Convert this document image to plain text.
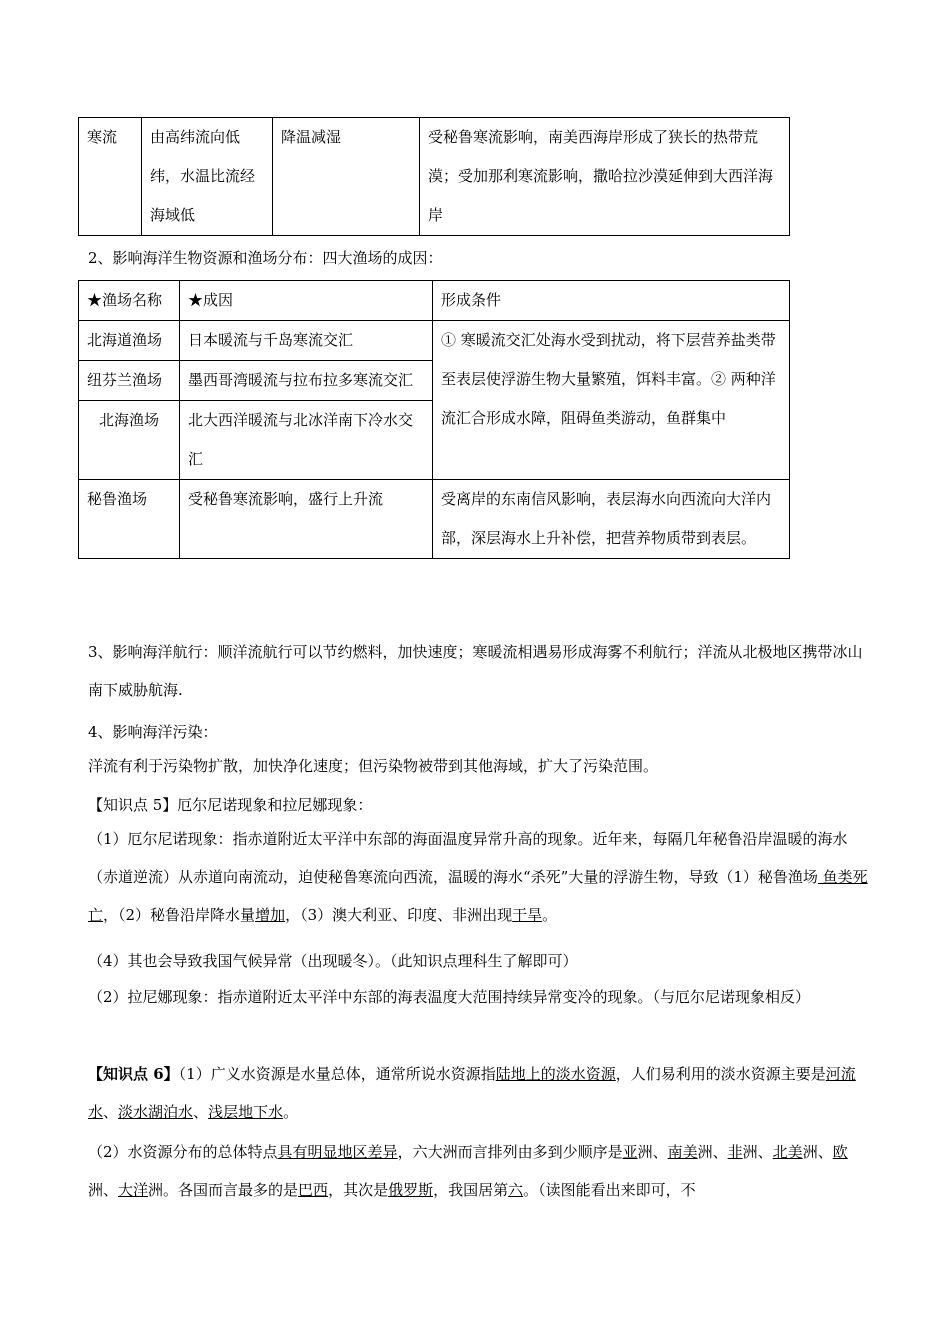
寒流	由高纬流向低纬，水温比流经海域低	降温减湿	受秘鲁寒流影响，南美西海岸形成了狭长的热带荒漠；受加那利寒流影响，撒哈拉沙漠延伸到大西洋海岸

2、影响海洋生物资源和渔场分布：四大渔场的成因：

★渔场名称	★成因	形成条件
北海道渔场	日本暖流与千岛寒流交汇	① 寒暖流交汇处海水受到扰动，将下层营养盐类带至表层使浮游生物大量繁殖，饵料丰富。② 两种洋流汇合形成水障，阻碍鱼类游动，鱼群集中
纽芬兰渔场	墨西哥湾暖流与拉布拉多寒流交汇	
北海渔场	北大西洋暖流与北冰洋南下冷水交汇	
秘鲁渔场	受秘鲁寒流影响，盛行上升流	受离岸的东南信风影响，表层海水向西流向大洋内部，深层海水上升补偿，把营养物质带到表层。

3、影响海洋航行：顺洋流航行可以节约燃料，加快速度；寒暖流相遇易形成海雾不利航行；洋流从北极地区携带冰山南下威胁航海.

4、影响海洋污染：

洋流有利于污染物扩散，加快净化速度；但污染物被带到其他海域，扩大了污染范围。

【知识点 5】厄尔尼诺现象和拉尼娜现象：

（1）厄尔尼诺现象：指赤道附近太平洋中东部的海面温度异常升高的现象。近年来，每隔几年秘鲁沿岸温暖的海水（赤道逆流）从赤道向南流动，迫使秘鲁寒流向西流，温暖的海水“杀死”大量的浮游生物，导致（1）秘鲁渔场 鱼类死亡，（2）秘鲁沿岸降水量增加，（3）澳大利亚、印度、非洲出现干旱。

（4）其也会导致我国气候异常（出现暖冬）。（此知识点理科生了解即可）

（2）拉尼娜现象：指赤道附近太平洋中东部的海表温度大范围持续异常变冷的现象。（与厄尔尼诺现象相反）

【知识点 6】（1）广义水资源是水量总体，通常所说水资源指陆地上的淡水资源，人们易利用的淡水资源主要是河流水、淡水湖泊水、浅层地下水。

（2）水资源分布的总体特点具有明显地区差异，六大洲而言排列由多到少顺序是亚洲、南美洲、非洲、北美洲、欧洲、大洋洲。各国而言最多的是巴西，其次是俄罗斯，我国居第六。（读图能看出来即可，不
